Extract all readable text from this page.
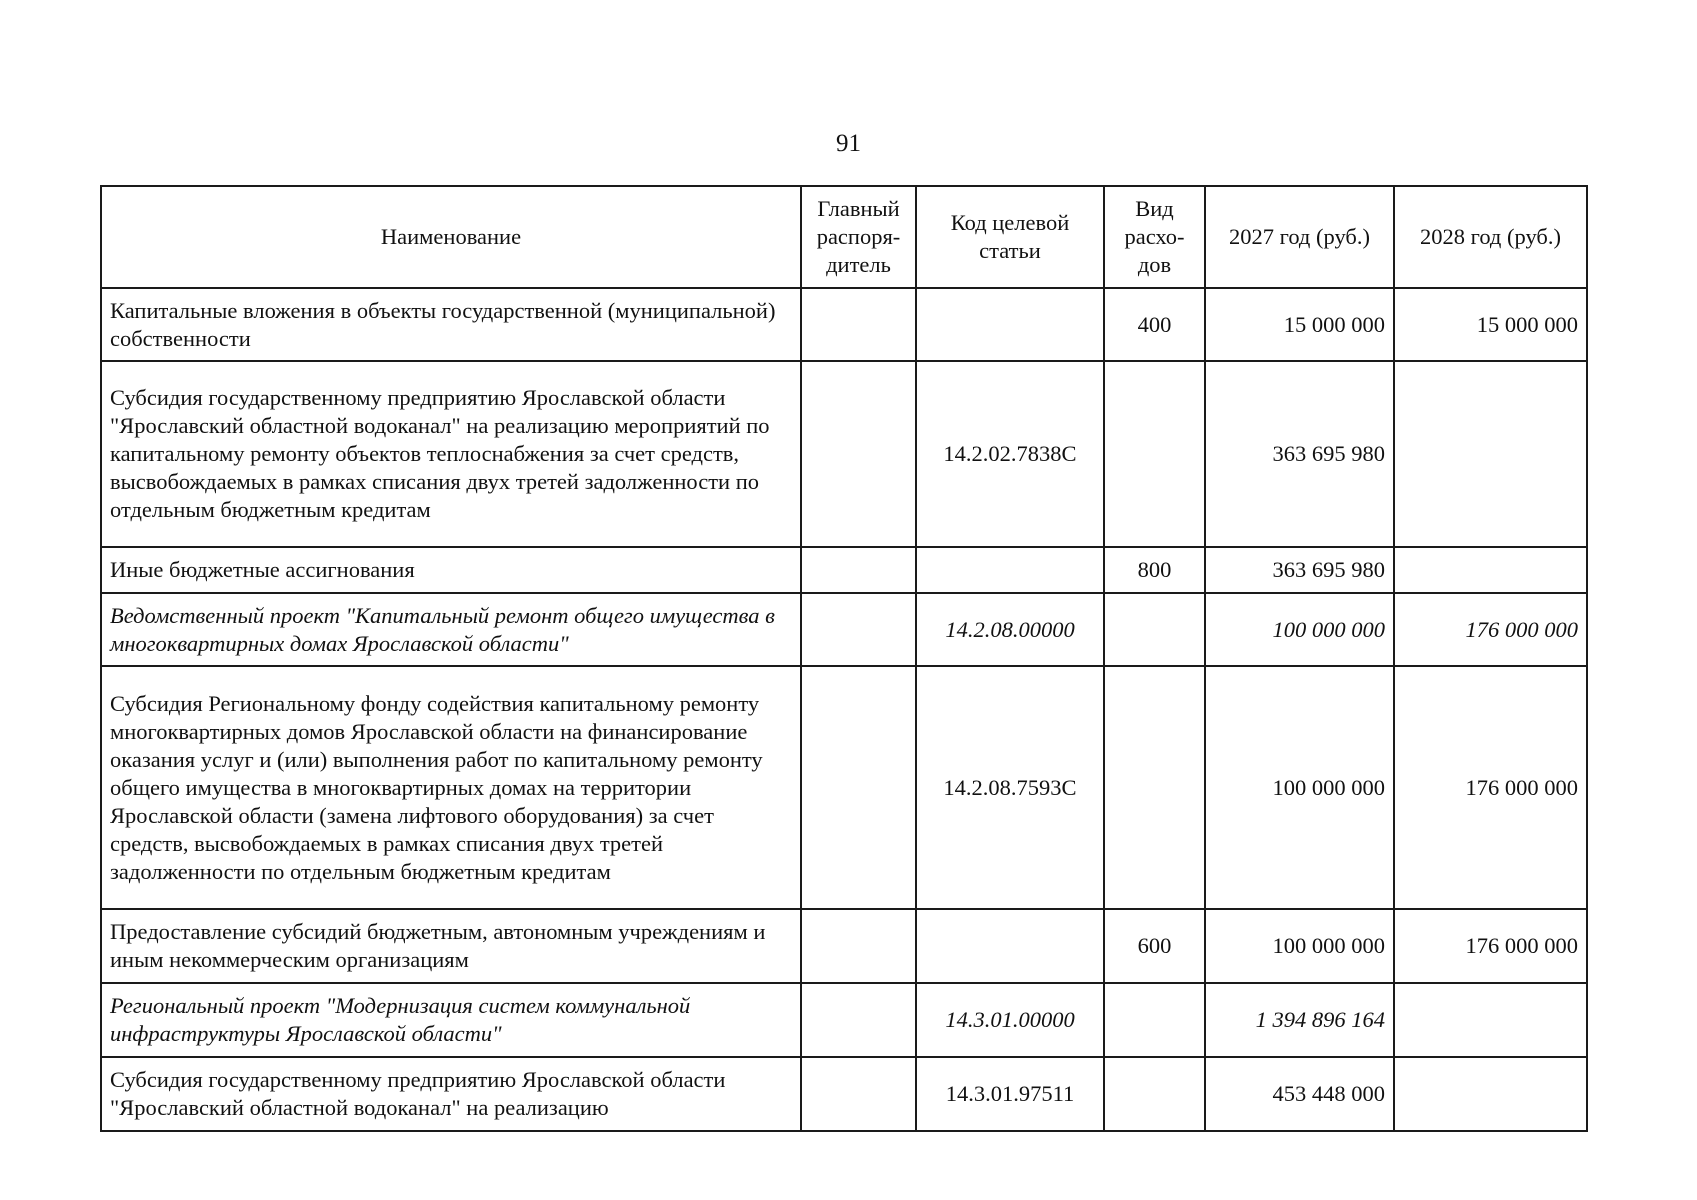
91
Наименование	Главный распоря-дитель	Код целевой статьи	Вид расхо-дов	2027 год (руб.)	2028 год (руб.)
Капитальные вложения в объекты государственной (муниципальной) собственности			400	15 000 000	15 000 000
Субсидия государственному предприятию Ярославской области "Ярославский областной водоканал" на реализацию мероприятий по капитальному ремонту объектов теплоснабжения за счет средств, высвобождаемых в рамках списания двух третей задолженности по отдельным бюджетным кредитам		14.2.02.7838С		363 695 980	
Иные бюджетные ассигнования			800	363 695 980	
Ведомственный проект "Капитальный ремонт общего имущества в многоквартирных домах Ярославской области"		14.2.08.00000		100 000 000	176 000 000
Субсидия Региональному фонду содействия капитальному ремонту многоквартирных домов Ярославской области на финансирование оказания услуг и (или) выполнения работ по капитальному ремонту общего имущества в многоквартирных домах на территории Ярославской области (замена лифтового оборудования) за счет средств, высвобождаемых в рамках списания двух третей задолженности по отдельным бюджетным кредитам		14.2.08.7593С		100 000 000	176 000 000
Предоставление субсидий бюджетным, автономным учреждениям и иным некоммерческим организациям			600	100 000 000	176 000 000
Региональный проект "Модернизация систем коммунальной инфраструктуры Ярославской области"		14.3.01.00000		1 394 896 164	
Субсидия государственному предприятию Ярославской области "Ярославский областной водоканал" на реализацию		14.3.01.97511		453 448 000	
